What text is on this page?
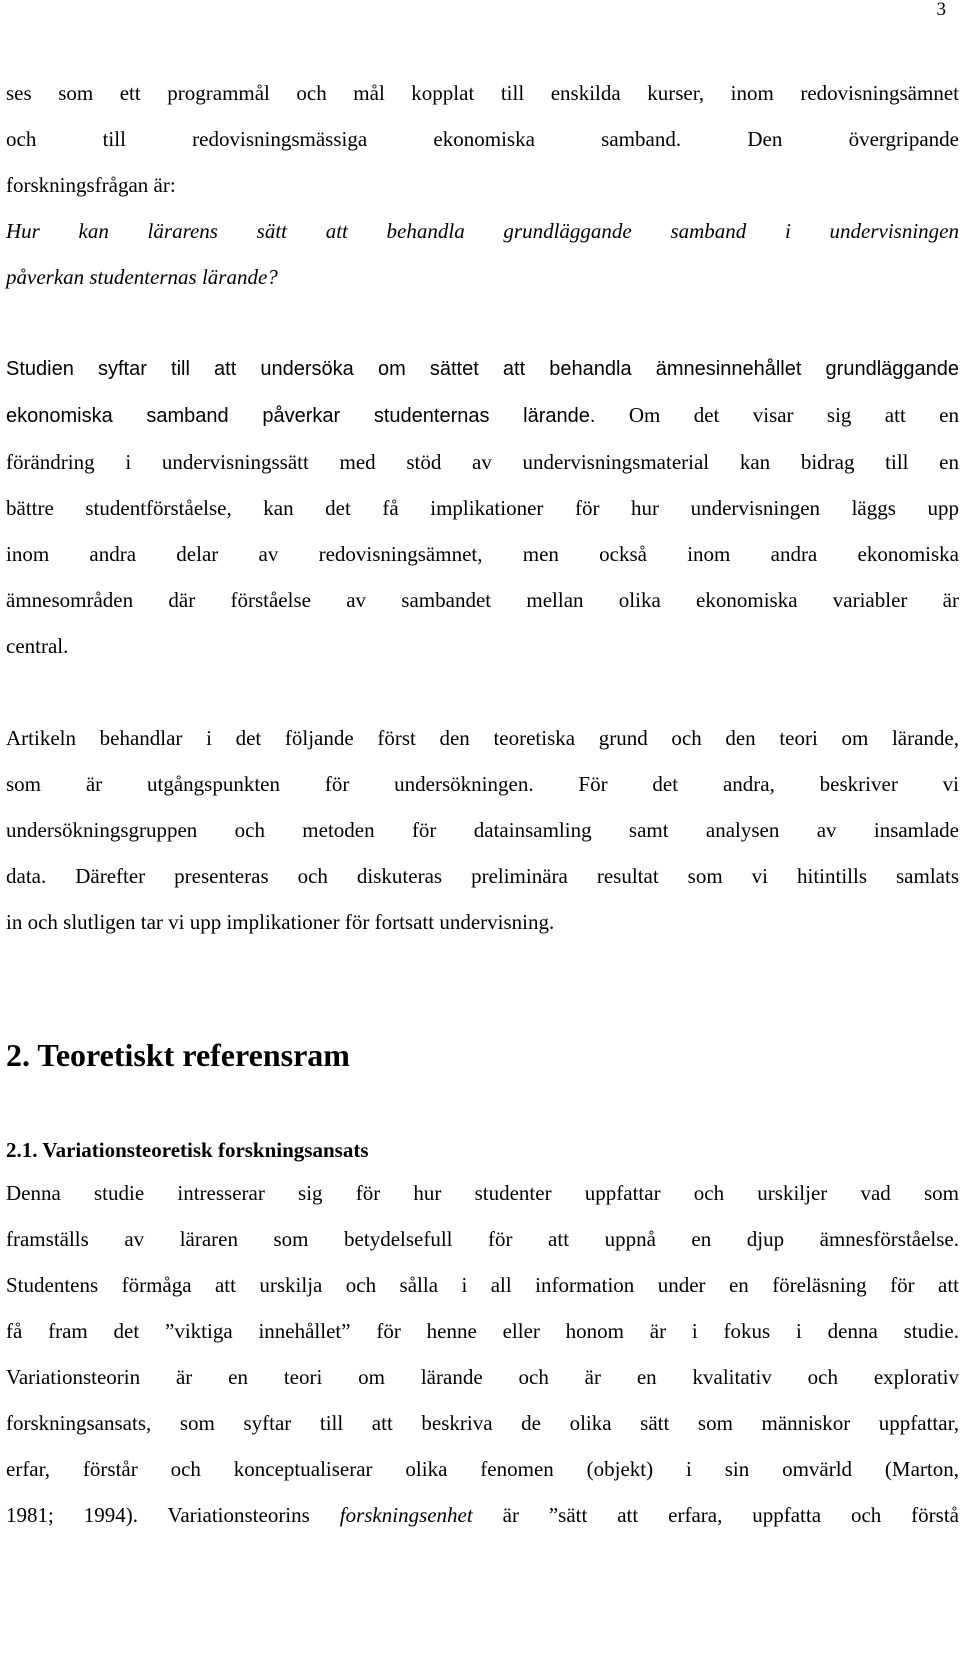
3
ses som ett programmål och mål kopplat till enskilda kurser, inom redovisningsämnet
och till redovisningsmässiga ekonomiska samband. Den övergripande
forskningsfrågan är:
Hur kan lärarens sätt att behandla grundläggande samband i undervisningen
påverkan studenternas lärande?
Studien syftar till att undersöka om sättet att behandla ämnesinnehållet grundläggande
ekonomiska samband påverkar studenternas lärande. Om det visar sig att en
förändring i undervisningssätt med stöd av undervisningsmaterial kan bidrag till en
bättre studentförståelse, kan det få implikationer för hur undervisningen läggs upp
inom andra delar av redovisningsämnet, men också inom andra ekonomiska
ämnesområden där förståelse av sambandet mellan olika ekonomiska variabler är
central.
Artikeln behandlar i det följande först den teoretiska grund och den teori om lärande,
som är utgångspunkten för undersökningen. För det andra, beskriver vi
undersökningsgruppen och metoden för datainsamling samt analysen av insamlade
data. Därefter presenteras och diskuteras preliminära resultat som vi hitintills samlats
in och slutligen tar vi upp implikationer för fortsatt undervisning.
2. Teoretiskt referensram
2.1. Variationsteoretisk forskningsansats
Denna studie intresserar sig för hur studenter uppfattar och urskiljer vad som
framställs av läraren som betydelsefull för att uppnå en djup ämnesförståelse.
Studentens förmåga att urskilja och sålla i all information under en föreläsning för att
få fram det ”viktiga innehållet” för henne eller honom är i fokus i denna studie.
Variationsteorin är en teori om lärande och är en kvalitativ och explorativ
forskningsansats, som syftar till att beskriva de olika sätt som människor uppfattar,
erfar, förstår och konceptualiserar olika fenomen (objekt) i sin omvärld (Marton,
1981; 1994). Variationsteorins forskningsenhet är ”sätt att erfara, uppfatta och förstå
